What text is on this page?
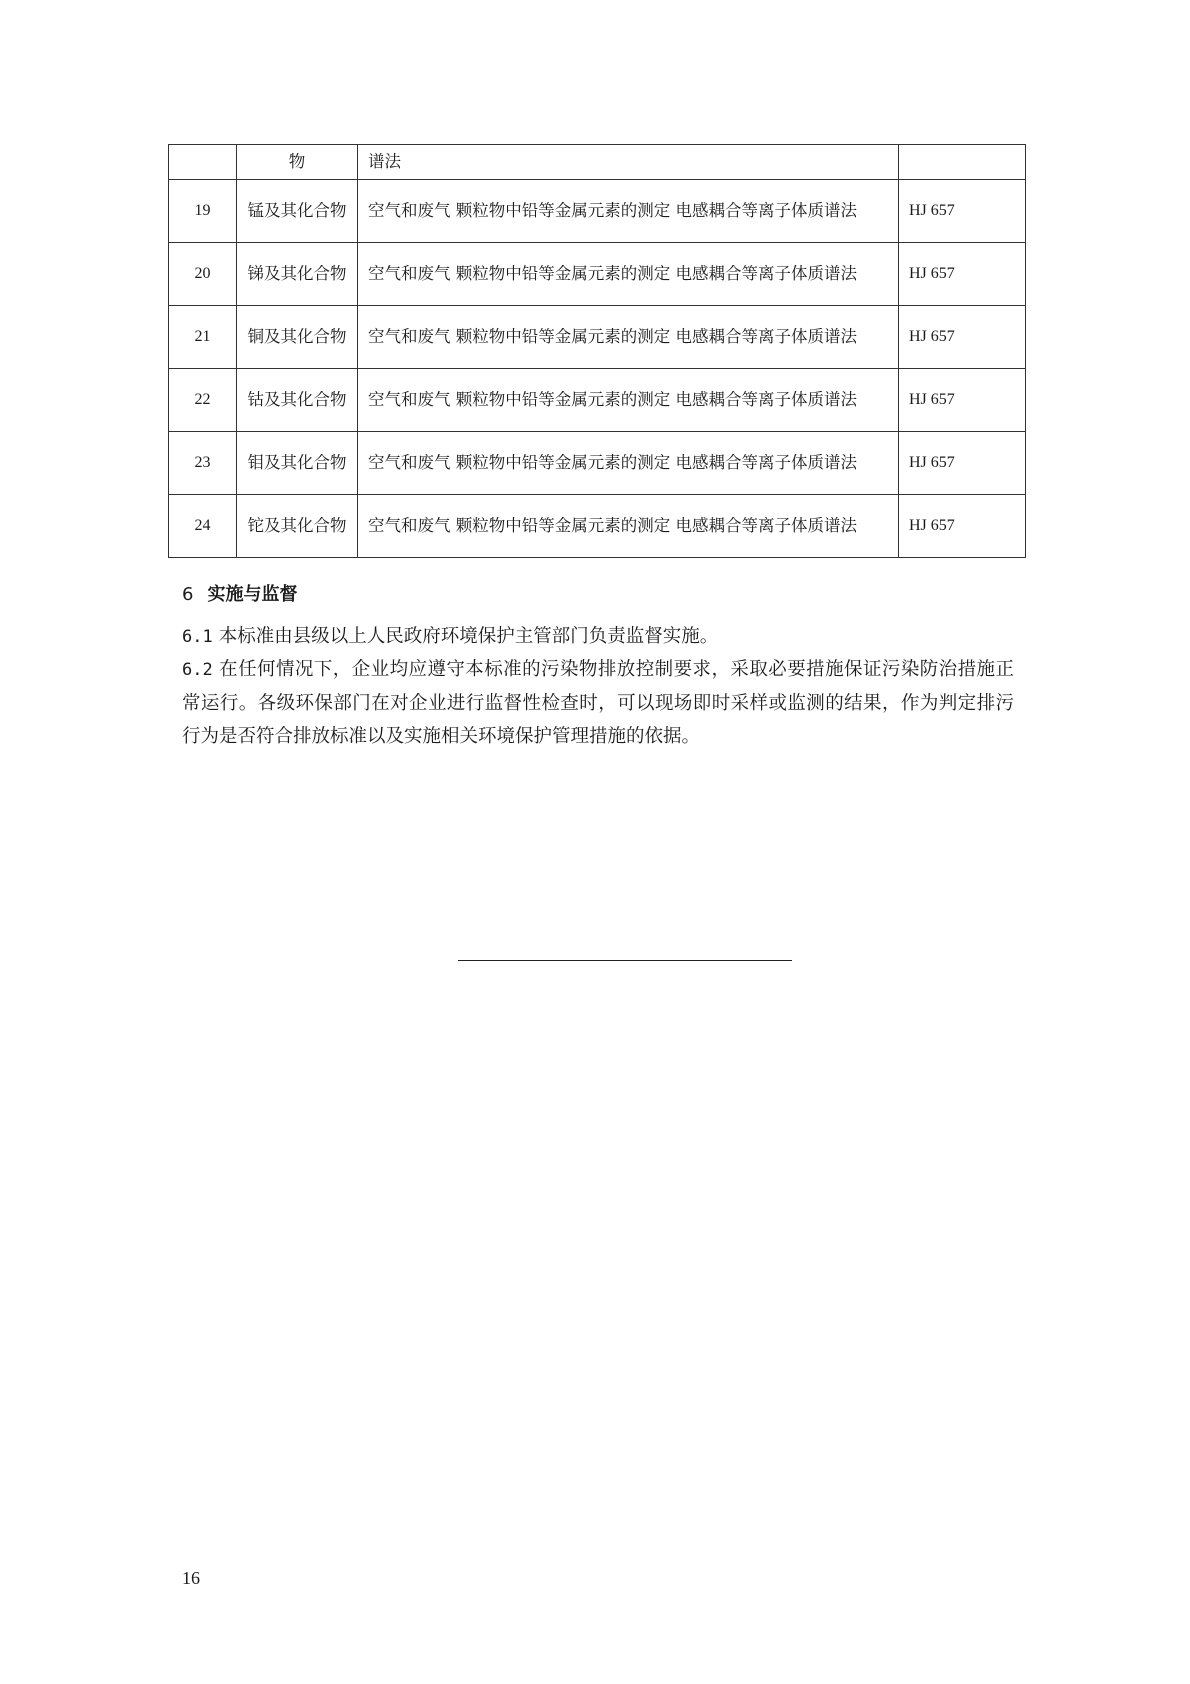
	物	谱法	
19	锰及其化合物	空气和废气 颗粒物中铅等金属元素的测定 电感耦合等离子体质谱法	HJ 657
20	锑及其化合物	空气和废气 颗粒物中铅等金属元素的测定 电感耦合等离子体质谱法	HJ 657
21	铜及其化合物	空气和废气 颗粒物中铅等金属元素的测定 电感耦合等离子体质谱法	HJ 657
22	钴及其化合物	空气和废气 颗粒物中铅等金属元素的测定 电感耦合等离子体质谱法	HJ 657
23	钼及其化合物	空气和废气 颗粒物中铅等金属元素的测定 电感耦合等离子体质谱法	HJ 657
24	铊及其化合物	空气和废气 颗粒物中铅等金属元素的测定 电感耦合等离子体质谱法	HJ 657
6 实施与监督
6.1 本标准由县级以上人民政府环境保护主管部门负责监督实施。
6.2 在任何情况下，企业均应遵守本标准的污染物排放控制要求，采取必要措施保证污染防治措施正常运行。各级环保部门在对企业进行监督性检查时，可以现场即时采样或监测的结果，作为判定排污行为是否符合排放标准以及实施相关环境保护管理措施的依据。
16
